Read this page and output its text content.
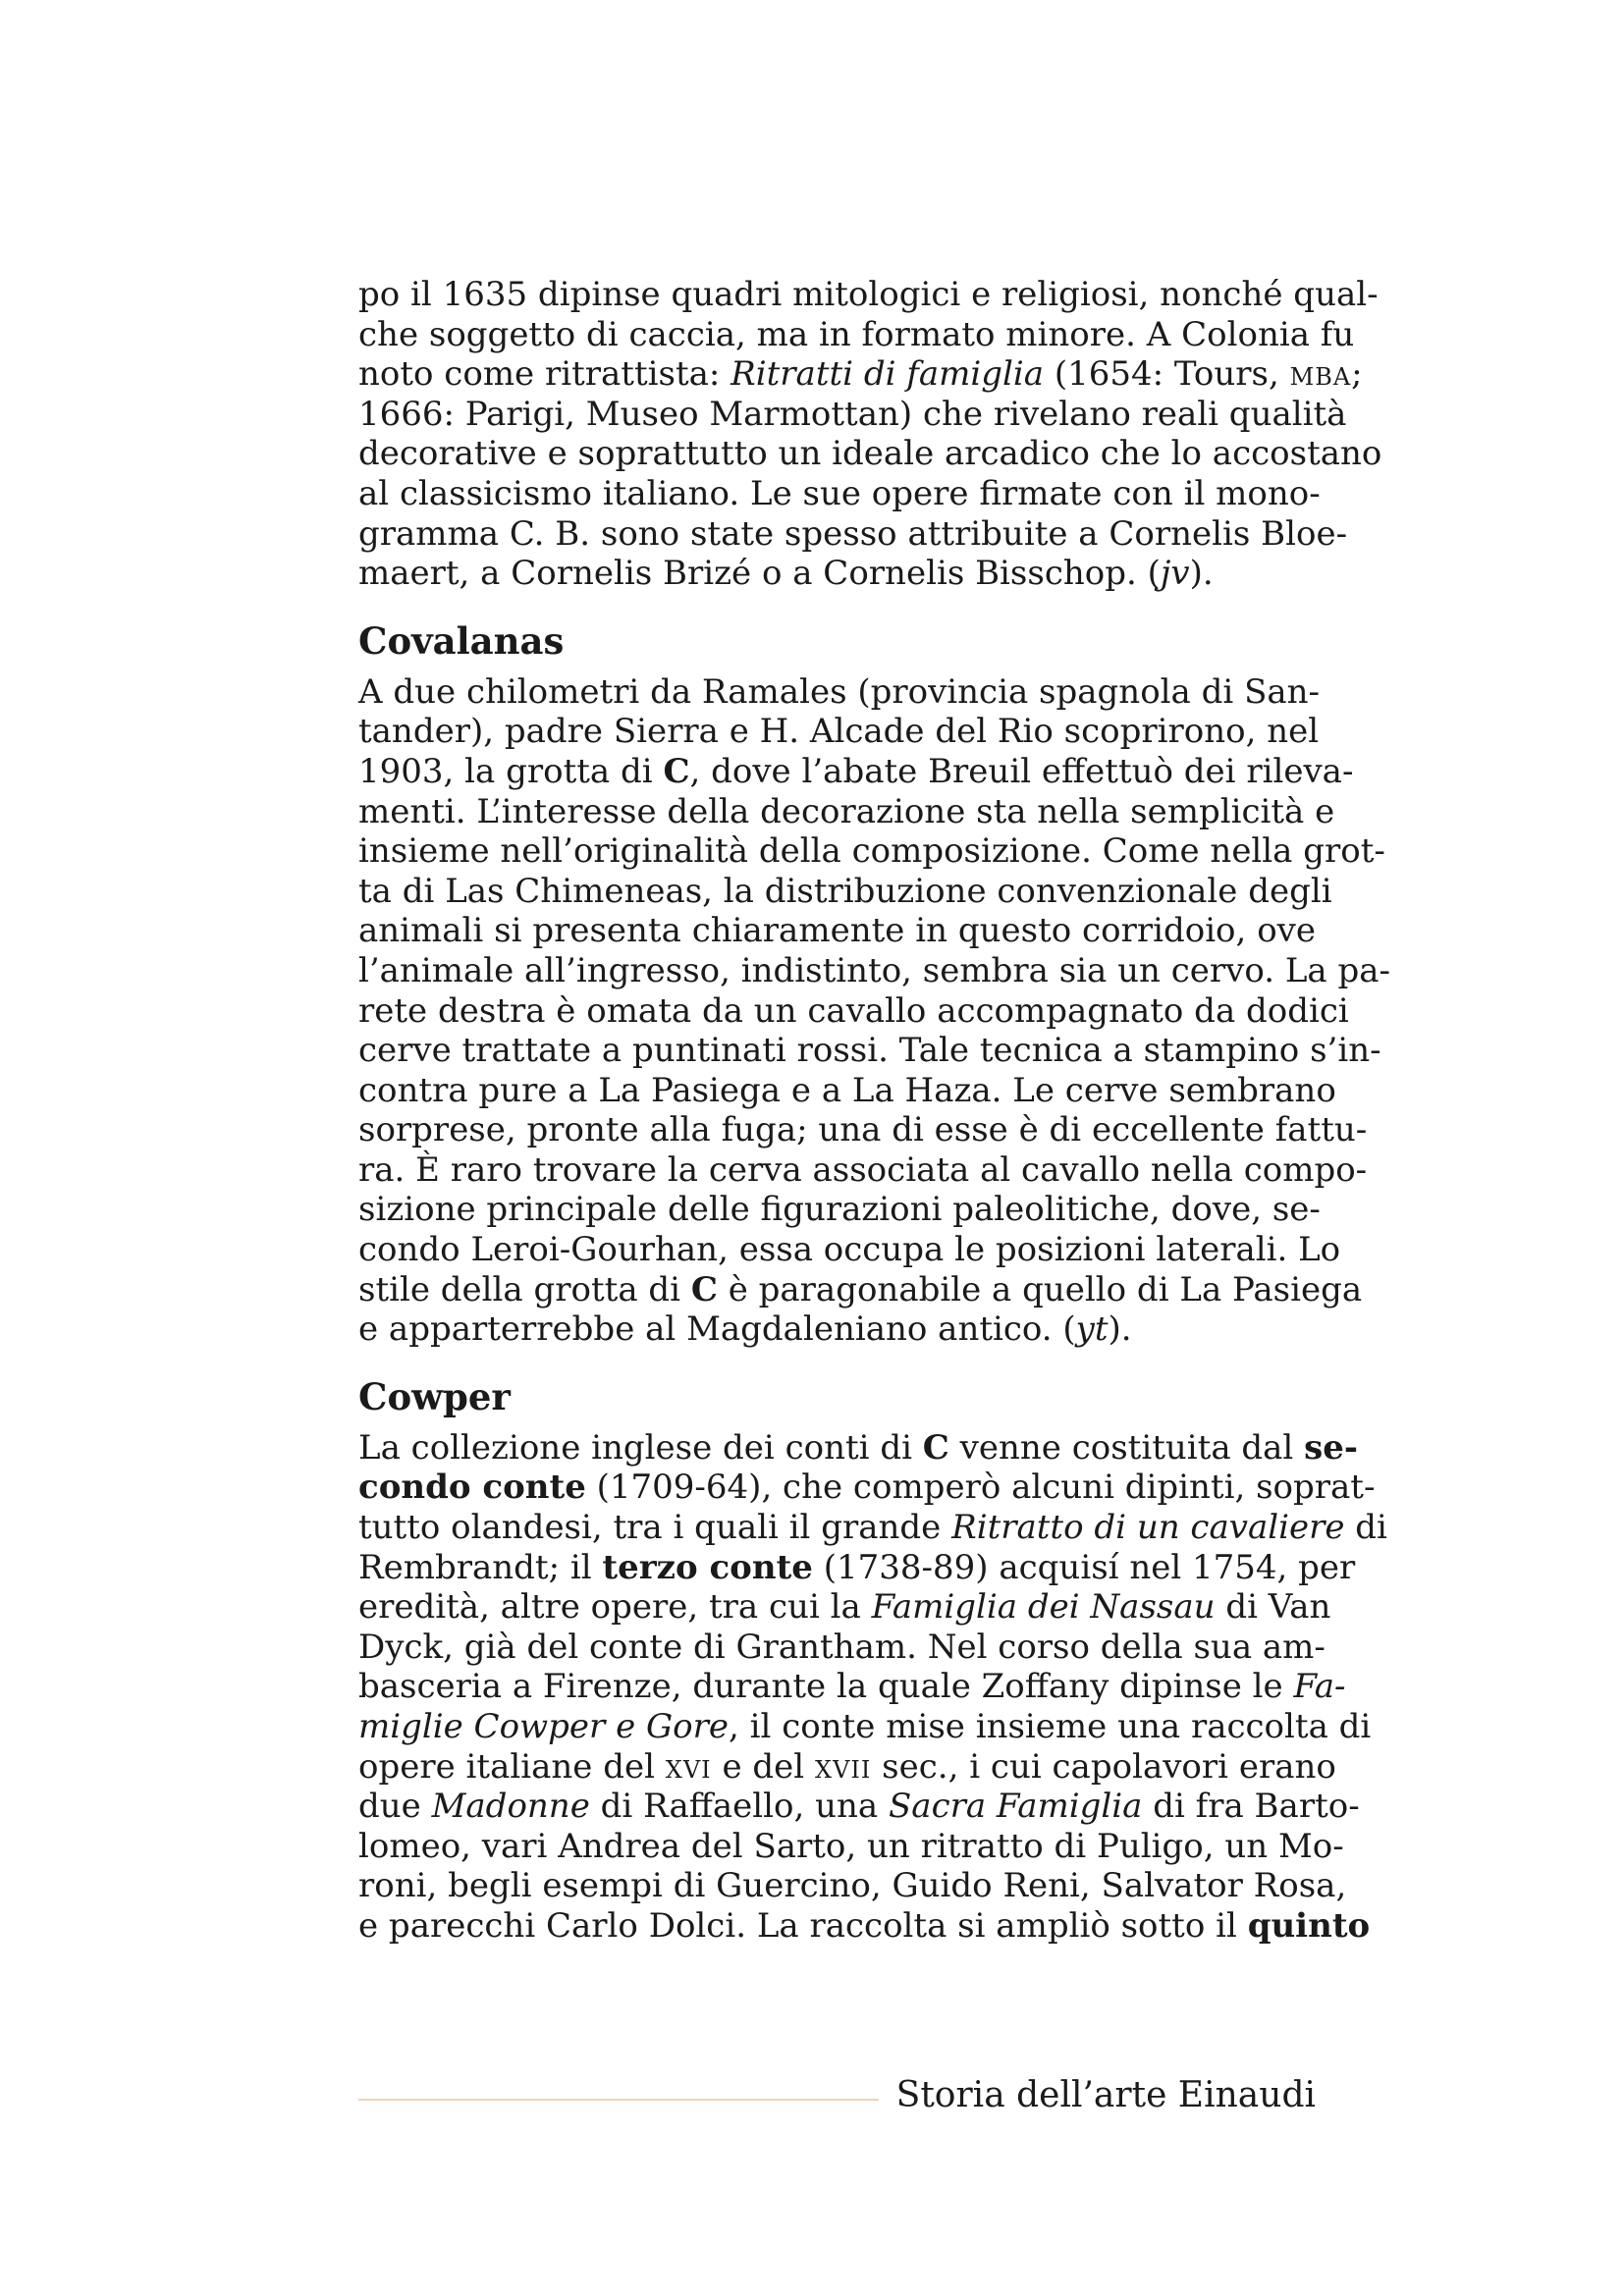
po il 1635 dipinse quadri mitologici e religiosi, nonché qual-
che soggetto di caccia, ma in formato minore. A Colonia fu
noto come ritrattista: Ritratti di famiglia (1654: Tours, mba;
1666: Parigi, Museo Marmottan) che rivelano reali qualità
decorative e soprattutto un ideale arcadico che lo accostano
al classicismo italiano. Le sue opere firmate con il mono-
gramma C. B. sono state spesso attribuite a Cornelis Bloe-
maert, a Cornelis Brizé o a Cornelis Bisschop. (jv).
Covalanas
A due chilometri da Ramales (provincia spagnola di San-
tander), padre Sierra e H. Alcade del Rio scoprirono, nel
1903, la grotta di C, dove l’abate Breuil effettuò dei rileva-
menti. L’interesse della decorazione sta nella semplicità e
insieme nell’originalità della composizione. Come nella grot-
ta di Las Chimeneas, la distribuzione convenzionale degli
animali si presenta chiaramente in questo corridoio, ove
l’animale all’ingresso, indistinto, sembra sia un cervo. La pa-
rete destra è omata da un cavallo accompagnato da dodici
cerve trattate a puntinati rossi. Tale tecnica a stampino s’in-
contra pure a La Pasiega e a La Haza. Le cerve sembrano
sorprese, pronte alla fuga; una di esse è di eccellente fattu-
ra. È raro trovare la cerva associata al cavallo nella compo-
sizione principale delle figurazioni paleolitiche, dove, se-
condo Leroi-Gourhan, essa occupa le posizioni laterali. Lo
stile della grotta di C è paragonabile a quello di La Pasiega
e apparterrebbe al Magdaleniano antico. (yt).
Cowper
La collezione inglese dei conti di C venne costituita dal se-
condo conte (1709-64), che comperò alcuni dipinti, soprat-
tutto olandesi, tra i quali il grande Ritratto di un cavaliere di
Rembrandt; il terzo conte (1738-89) acquisí nel 1754, per
eredità, altre opere, tra cui la Famiglia dei Nassau di Van
Dyck, già del conte di Grantham. Nel corso della sua am-
basceria a Firenze, durante la quale Zoffany dipinse le Fa-
miglie Cowper e Gore, il conte mise insieme una raccolta di
opere italiane del xvi e del xvii sec., i cui capolavori erano
due Madonne di Raffaello, una Sacra Famiglia di fra Barto-
lomeo, vari Andrea del Sarto, un ritratto di Puligo, un Mo-
roni, begli esempi di Guercino, Guido Reni, Salvator Rosa,
e parecchi Carlo Dolci. La raccolta si ampliò sotto il quinto
Storia dell’arte Einaudi
